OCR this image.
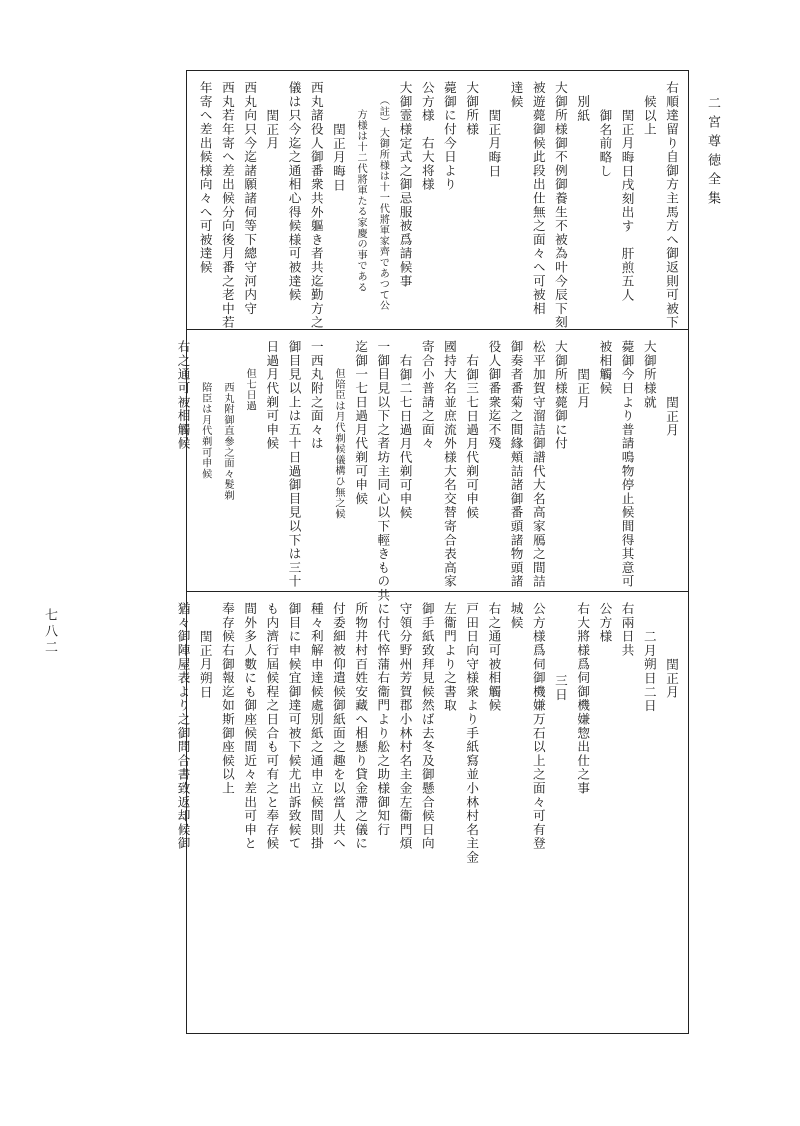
二宮尊徳全集
七八二
右順達留り自御方主馬方へ御返則可被下
候以上
閏正月晦日戌刻出す　肝煎五人
御名前略し
別紙
大御所様御不例御養生不被為叶今辰下刻
被遊薨御候此段出仕無之面々へ可被相
達候
閏正月晦日
大御所様
薨御に付今日より
公方様　右大将様
大御霊様定式之御忌服被爲請候事
（註）大御所様は十一代將軍家齊であつて公
方様は十二代將軍たる家慶の事である
閏正月晦日
西丸諸役人御番衆共外軀き者共迄勤方之
儀は只今迄之通相心得候様可被達候
閏正月
西丸向只今迄諸願諸伺等下總守河内守
西丸若年寄へ差出候分向後月番之老中若
年寄へ差出候様向々へ可被達候
閏正月
大御所様就
薨御今日より普請鳴物停止候間得其意可
被相觸候
閏正月
大御所様薨御に付
松平加賀守溜詰御譜代大名高家鴈之間詰
御奏者番菊之間緣頬詰諸御番頭諸物頭諸
役人御番衆迄不殘
右御三七日過月代剃可申候
國持大名並庶流外様大名交替寄合表高家
寄合小普請之面々
右御二七日過月代剃可申候
一御目見以下之者坊主同心以下輕きもの共
迄御一七日過月代剃可申候
但陪臣は月代剃候儀構ひ無之候
一西丸附之面々は
御目見以上は五十日過御目見以下は三十
日過月代剃可申候
但七日過
西丸附御直參之面々髮剃
陪臣は月代剃可申候
右之通可被相觸候
閏正月
二月朔日二日
右兩日共
公方様
右大將様爲伺御機嫌惣出仕之事
三日
公方様爲伺御機嫌万石以上之面々可有登
城候
右之通可被相觸候
戸田日向守様衆より手紙寫並小林村名主金
左衞門より之書取
御手紙致拜見候然ば去冬及御懸合候日向
守領分野州芳賀郡小林村名主金左衞門煩
に付代悴蒲右衞門より舩之助様御知行
所物井村百姓安藏へ相懸り貸金滯之儀に
付委細被仰遣候御紙面之趣を以當人共へ
種々利解申達候處別紙之通申立候間則掛
御目に申候宜御達可被下候尤出訴致候て
も内濟行屆候程之日合も可有之と奉存候
間外多人數にも御座候間近々差出可申と
奉存候右御報迄如斯御座候以上
閏正月朔日
猶々御陣屋表より之御問合書致返却候御
